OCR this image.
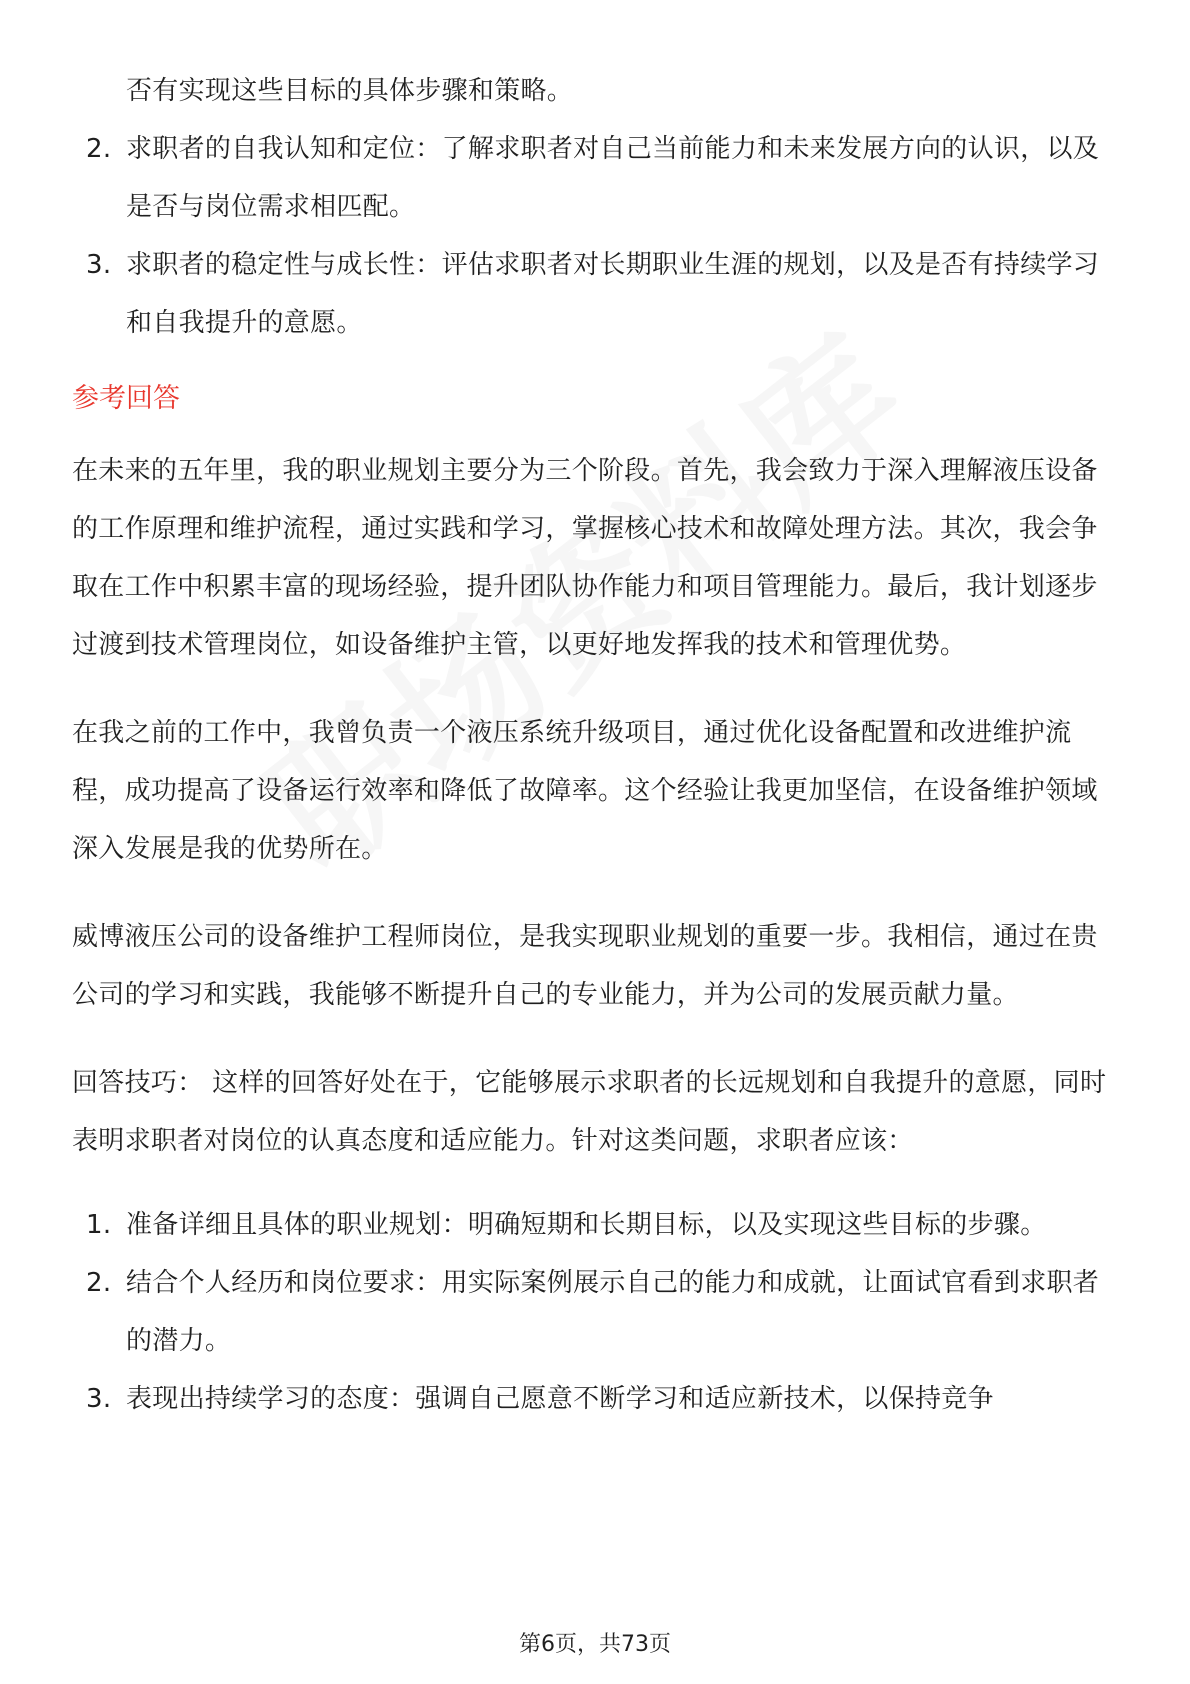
否有实现这些目标的具体步骤和策略。

2. 求职者的自我认知和定位：了解求职者对自己当前能力和未来发展方向的认识，以及是否与岗位需求相匹配。
3. 求职者的稳定性与成长性：评估求职者对长期职业生涯的规划，以及是否有持续学习和自我提升的意愿。
参考回答

在未来的五年里，我的职业规划主要分为三个阶段。首先，我会致力于深入理解液压设备的工作原理和维护流程，通过实践和学习，掌握核心技术和故障处理方法。其次，我会争取在工作中积累丰富的现场经验，提升团队协作能力和项目管理能力。最后，我计划逐步过渡到技术管理岗位，如设备维护主管，以更好地发挥我的技术和管理优势。

在我之前的工作中，我曾负责一个液压系统升级项目，通过优化设备配置和改进维护流程，成功提高了设备运行效率和降低了故障率。这个经验让我更加坚信，在设备维护领域深入发展是我的优势所在。

威博液压公司的设备维护工程师岗位，是我实现职业规划的重要一步。我相信，通过在贵公司的学习和实践，我能够不断提升自己的专业能力，并为公司的发展贡献力量。

回答技巧： 这样的回答好处在于，它能够展示求职者的长远规划和自我提升的意愿，同时表明求职者对岗位的认真态度和适应能力。针对这类问题，求职者应该：

1. 准备详细且具体的职业规划：明确短期和长期目标，以及实现这些目标的步骤。
2. 结合个人经历和岗位要求：用实际案例展示自己的能力和成就，让面试官看到求职者的潜力。
3. 表现出持续学习的态度：强调自己愿意不断学习和适应新技术，以保持竞争
第6页，共73页
